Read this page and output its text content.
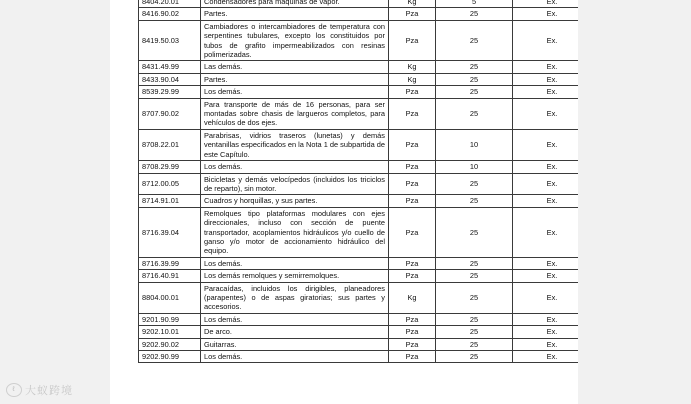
8404.20.01	Condensadores para máquinas de vapor.	Kg	5	Ex.
8416.90.02	Partes.	Pza	25	Ex.
8419.50.03	Cambiadores o intercambiadores de temperatura con serpentines tubulares, excepto los constituidos por tubos de grafito impermeabilizados con resinas polimerizadas.	Pza	25	Ex.
8431.49.99	Las demás.	Kg	25	Ex.
8433.90.04	Partes.	Kg	25	Ex.
8539.29.99	Los demás.	Pza	25	Ex.
8707.90.02	Para transporte de más de 16 personas, para ser montadas sobre chasis de largueros completos, para vehículos de dos ejes.	Pza	25	Ex.
8708.22.01	Parabrisas, vidrios traseros (lunetas) y demás ventanillas especificados en la Nota 1 de subpartida de este Capítulo.	Pza	10	Ex.
8708.29.99	Los demás.	Pza	10	Ex.
8712.00.05	Bicicletas y demás velocípedos (incluidos los triciclos de reparto), sin motor.	Pza	25	Ex.
8714.91.01	Cuadros y horquillas, y sus partes.	Pza	25	Ex.
8716.39.04	Remolques tipo plataformas modulares con ejes direccionales, incluso con sección de puente transportador, acoplamientos hidráulicos y/o cuello de ganso y/o motor de accionamiento hidráulico del equipo.	Pza	25	Ex.
8716.39.99	Los demás.	Pza	25	Ex.
8716.40.91	Los demás remolques y semirremolques.	Pza	25	Ex.
8804.00.01	Paracaídas, incluidos los dirigibles, planeadores (parapentes) o de aspas giratorias; sus partes y accesorios.	Kg	25	Ex.
9201.90.99	Los demás.	Pza	25	Ex.
9202.10.01	De arco.	Pza	25	Ex.
9202.90.02	Guitarras.	Pza	25	Ex.
9202.90.99	Los demás.	Pza	25	Ex.
ℓ 大蚁跨境
